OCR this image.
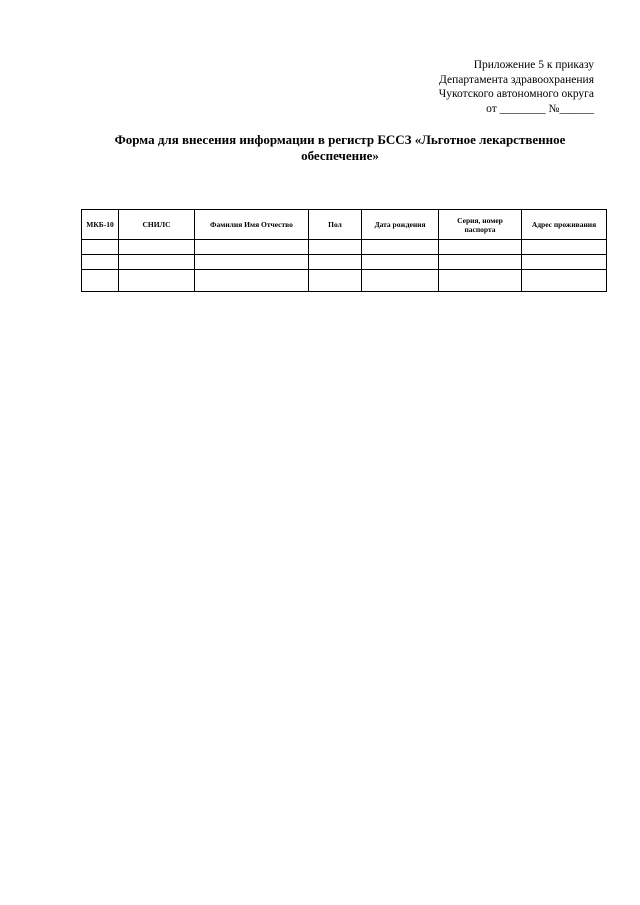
Приложение 5 к приказу
Департамента здравоохранения
Чукотского автономного округа
от ________ №______
Форма для внесения информации в регистр БССЗ «Льготное лекарственное обеспечение»
МКБ-10	СНИЛС	Фамилия Имя Отчество	Пол	Дата рождения	Серия, номер паспорта	Адрес проживания
